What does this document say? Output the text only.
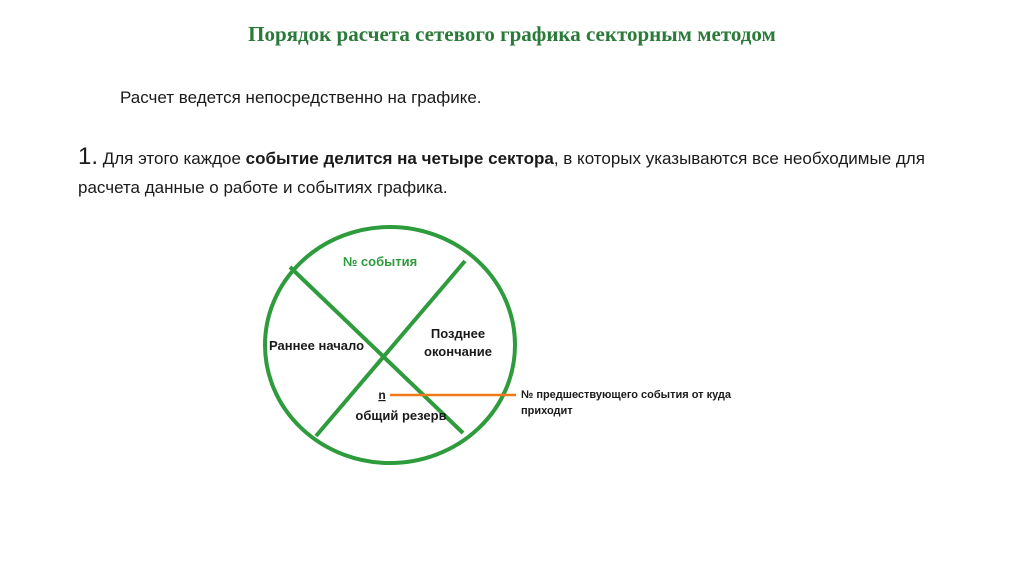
Порядок расчета сетевого графика секторным методом

Расчет ведется непосредственно на графике.

1. Для этого каждое событие делится на четыре сектора, в которых указываются все необходимые для расчета данные о работе и событиях графика.

№ события
Раннее начало
Позднее
окончание
n
общий резерв
№ предшествующего события от куда
приходит
